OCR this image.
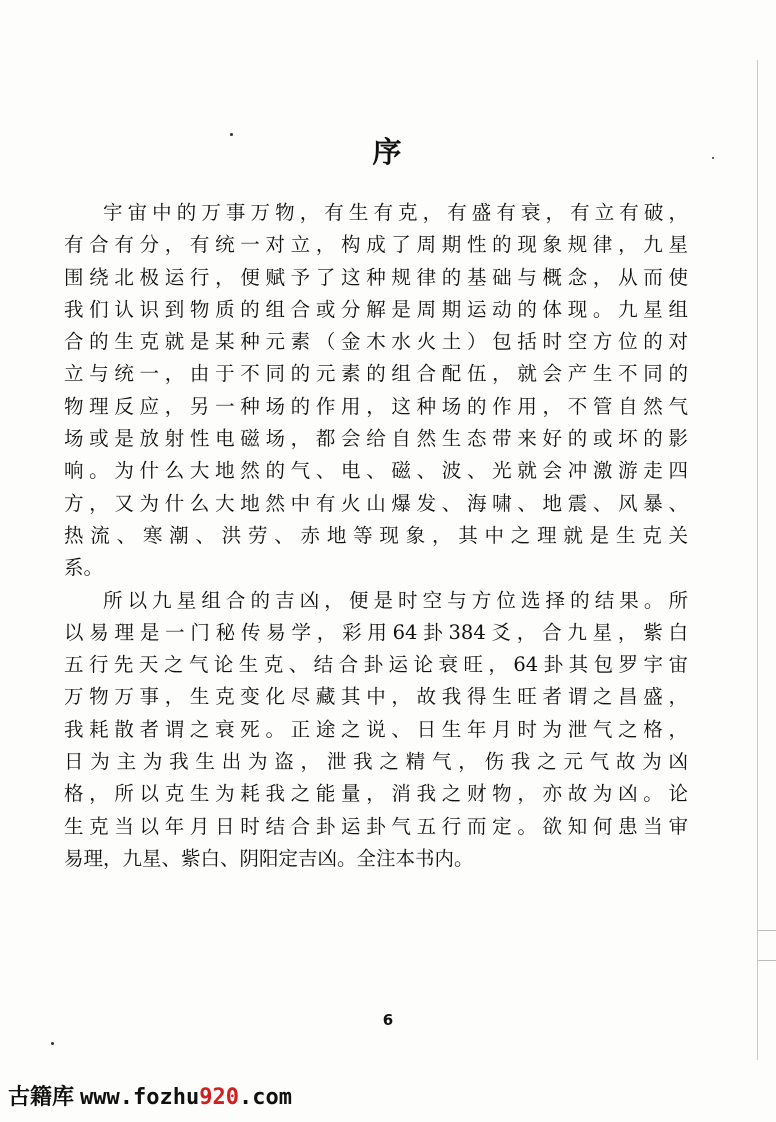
序
宇宙中的万事万物，有生有克，有盛有衰，有立有破，
有合有分，有统一对立，构成了周期性的现象规律，九星
围绕北极运行，便赋予了这种规律的基础与概念，从而使
我们认识到物质的组合或分解是周期运动的体现。九星组
合的生克就是某种元素（金木水火土）包括时空方位的对
立与统一，由于不同的元素的组合配伍，就会产生不同的
物理反应，另一种场的作用，这种场的作用，不管自然气
场或是放射性电磁场，都会给自然生态带来好的或坏的影
响。为什么大地然的气、电、磁、波、光就会冲激游走四
方，又为什么大地然中有火山爆发、海啸、地震、风暴、
热流、寒潮、洪劳、赤地等现象，其中之理就是生克关
系。
所以九星组合的吉凶，便是时空与方位选择的结果。所
以易理是一门秘传易学，彩用64卦384爻，合九星，紫白
五行先天之气论生克、结合卦运论衰旺，64卦其包罗宇宙
万物万事，生克变化尽藏其中，故我得生旺者谓之昌盛，
我耗散者谓之衰死。正途之说、日生年月时为泄气之格，
日为主为我生出为盗，泄我之精气，伤我之元气故为凶
格，所以克生为耗我之能量，消我之财物，亦故为凶。论
生克当以年月日时结合卦运卦气五行而定。欲知何患当审
易理，九星、紫白、阴阳定吉凶。全注本书内。
6
古籍库 www.fozhu920.com
